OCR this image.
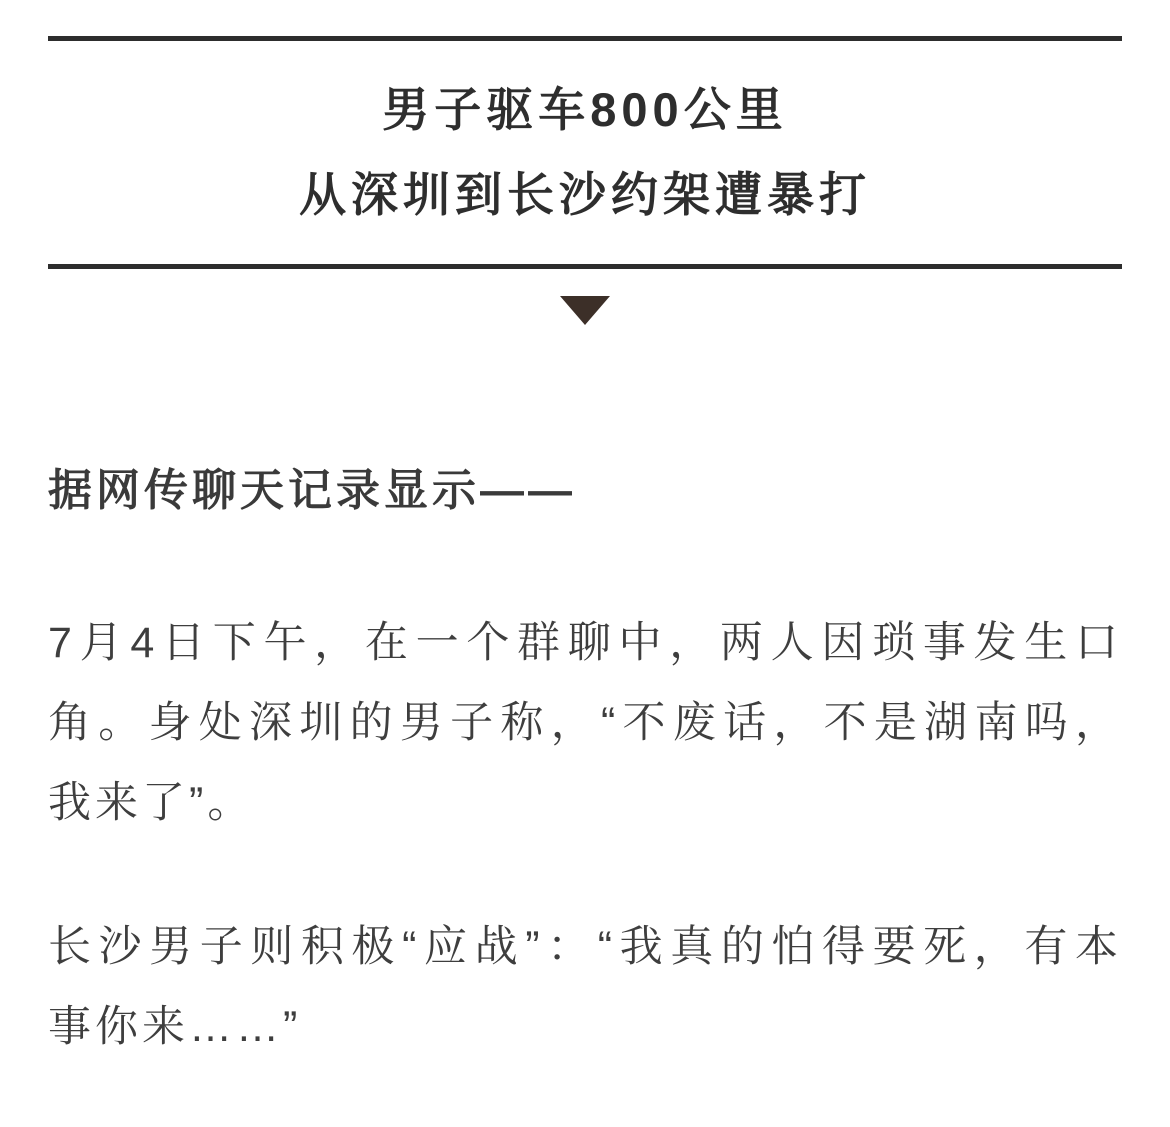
男子驱车800公里
从深圳到长沙约架遭暴打
据网传聊天记录显示——
7月4日下午，在一个群聊中，两人因琐事发生口
角。身处深圳的男子称，“不废话，不是湖南吗，
我来了”。
长沙男子则积极“应战”：“我真的怕得要死，有本
事你来……”
